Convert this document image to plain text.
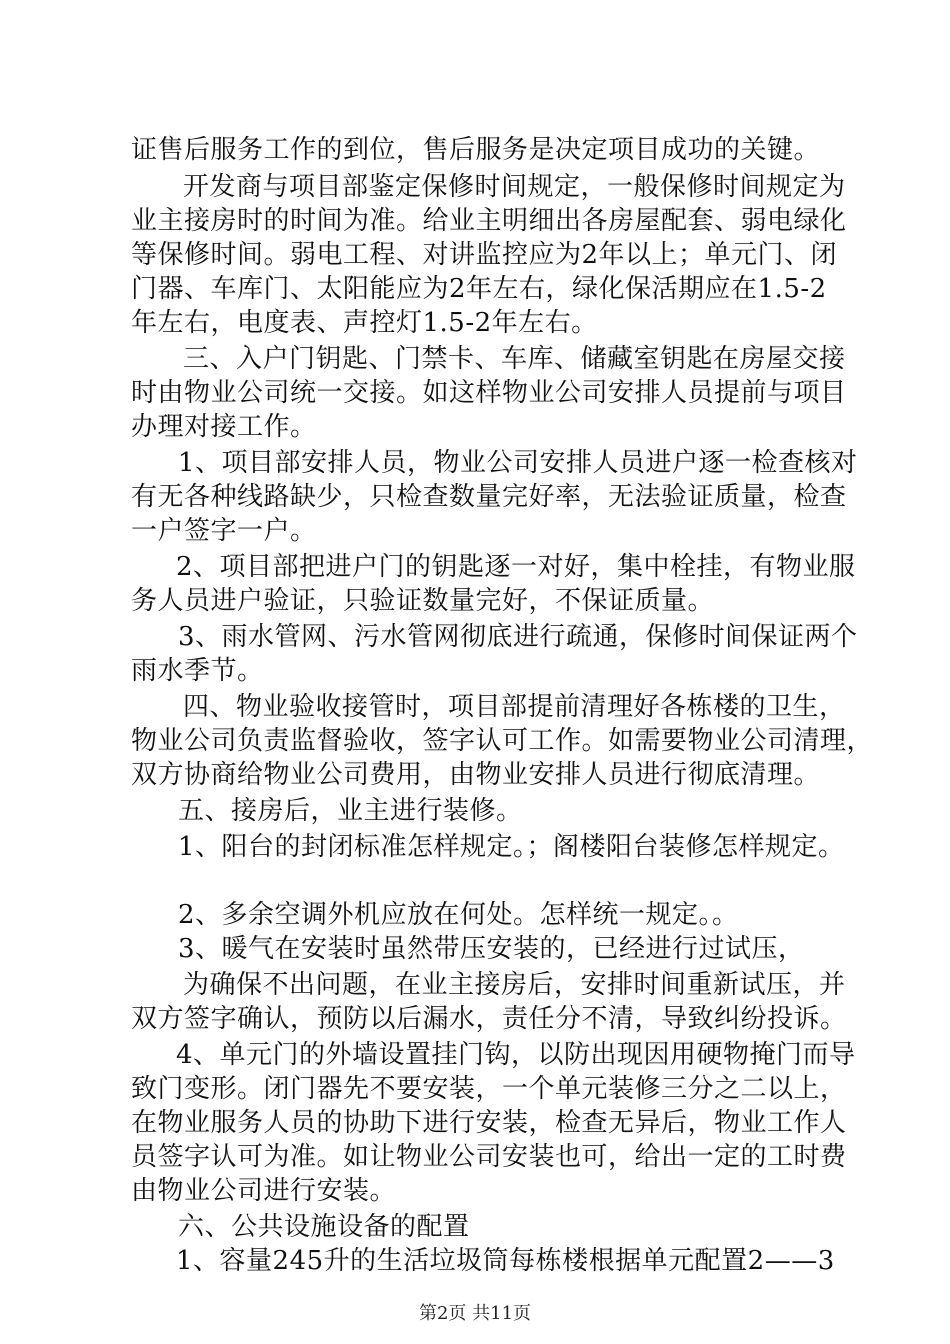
证售后服务工作的到位，售后服务是决定项目成功的关键。
开发商与项目部鉴定保修时间规定，一般保修时间规定为
业主接房时的时间为准。给业主明细出各房屋配套、弱电绿化
等保修时间。弱电工程、对讲监控应为2年以上；单元门、闭
门器、车库门、太阳能应为2年左右，绿化保活期应在1.5-2
年左右，电度表、声控灯1.5-2年左右。
三、入户门钥匙、门禁卡、车库、储藏室钥匙在房屋交接
时由物业公司统一交接。如这样物业公司安排人员提前与项目
办理对接工作。
1、项目部安排人员，物业公司安排人员进户逐一检查核对
有无各种线路缺少，只检查数量完好率，无法验证质量，检查
一户签字一户。
2、项目部把进户门的钥匙逐一对好，集中栓挂，有物业服
务人员进户验证，只验证数量完好，不保证质量。
3、雨水管网、污水管网彻底进行疏通，保修时间保证两个
雨水季节。
四、物业验收接管时，项目部提前清理好各栋楼的卫生，
物业公司负责监督验收，签字认可工作。如需要物业公司清理，
双方协商给物业公司费用，由物业安排人员进行彻底清理。
五、接房后，业主进行装修。
1、阳台的封闭标准怎样规定。；阁楼阳台装修怎样规定。
2、多余空调外机应放在何处。怎样统一规定。。
3、暖气在安装时虽然带压安装的，已经进行过试压，
为确保不出问题，在业主接房后，安排时间重新试压，并
双方签字确认，预防以后漏水，责任分不清，导致纠纷投诉。
4、单元门的外墙设置挂门钩，以防出现因用硬物掩门而导
致门变形。闭门器先不要安装，一个单元装修三分之二以上，
在物业服务人员的协助下进行安装，检查无异后，物业工作人
员签字认可为准。如让物业公司安装也可，给出一定的工时费
由物业公司进行安装。
六、公共设施设备的配置
1、容量245升的生活垃圾筒每栋楼根据单元配置2——3
第2页 共11页
